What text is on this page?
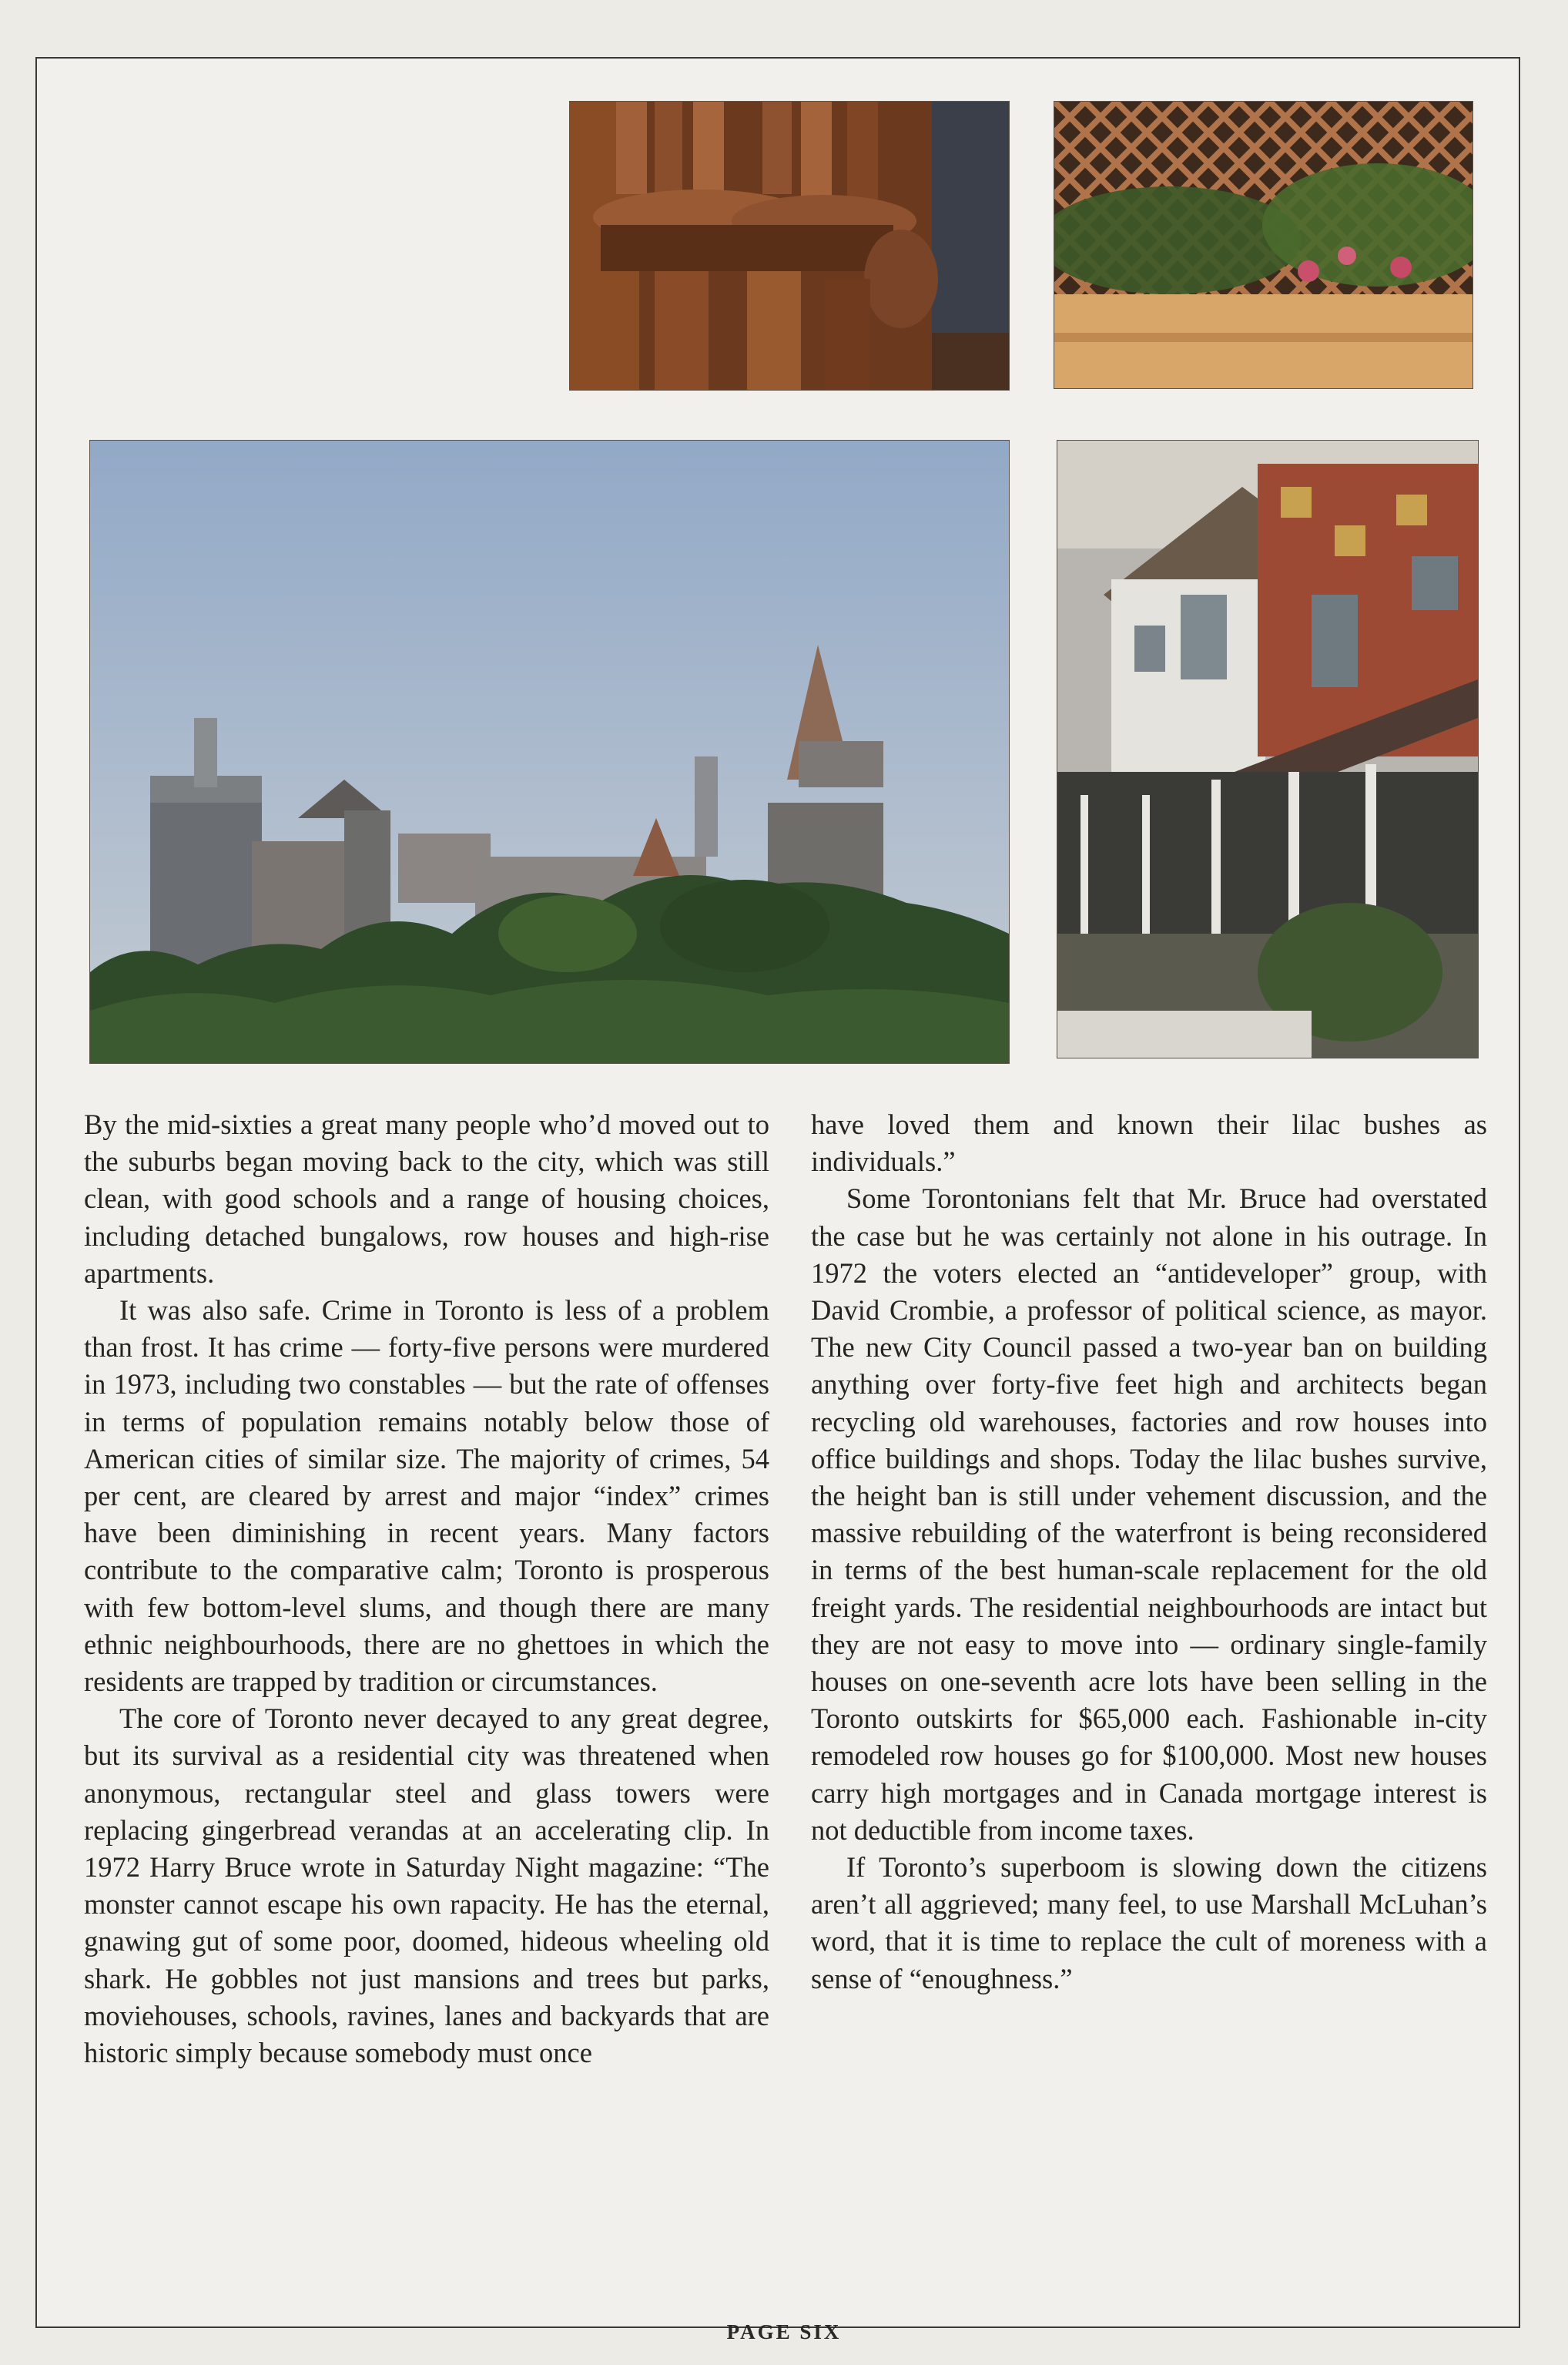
By the mid-sixties a great many people who’d moved out to the suburbs began moving back to the city, which was still clean, with good schools and a range of housing choices, including detached bungalows, row houses and high-rise apartments.

It was also safe. Crime in Toronto is less of a problem than frost. It has crime — forty-five persons were murdered in 1973, including two constables — but the rate of offenses in terms of population remains notably below those of American cities of similar size. The majority of crimes, 54 per cent, are cleared by arrest and major “index” crimes have been diminishing in recent years. Many factors contribute to the comparative calm; Toronto is prosperous with few bottom-level slums, and though there are many ethnic neighbourhoods, there are no ghettoes in which the residents are trapped by tradition or circumstances.

The core of Toronto never decayed to any great degree, but its survival as a residential city was threatened when anonymous, rectangular steel and glass towers were replacing gingerbread verandas at an accelerating clip. In 1972 Harry Bruce wrote in Saturday Night magazine: “The monster cannot escape his own rapacity. He has the eternal, gnawing gut of some poor, doomed, hideous wheeling old shark. He gobbles not just mansions and trees but parks, moviehouses, schools, ravines, lanes and backyards that are historic simply because somebody must once

have loved them and known their lilac bushes as individuals.”

Some Torontonians felt that Mr. Bruce had overstated the case but he was certainly not alone in his outrage. In 1972 the voters elected an “antideveloper” group, with David Crombie, a professor of political science, as mayor. The new City Council passed a two-year ban on building anything over forty-five feet high and architects began recycling old warehouses, factories and row houses into office buildings and shops. Today the lilac bushes survive, the height ban is still under vehement discussion, and the massive rebuilding of the waterfront is being reconsidered in terms of the best human-scale replacement for the old freight yards. The residential neighbourhoods are intact but they are not easy to move into — ordinary single-family houses on one-seventh acre lots have been selling in the Toronto outskirts for $65,000 each. Fashionable in-city remodeled row houses go for $100,000. Most new houses carry high mortgages and in Canada mortgage interest is not deductible from income taxes.

If Toronto’s superboom is slowing down the citizens aren’t all aggrieved; many feel, to use Marshall McLuhan’s word, that it is time to replace the cult of moreness with a sense of “enoughness.”

PAGE SIX
